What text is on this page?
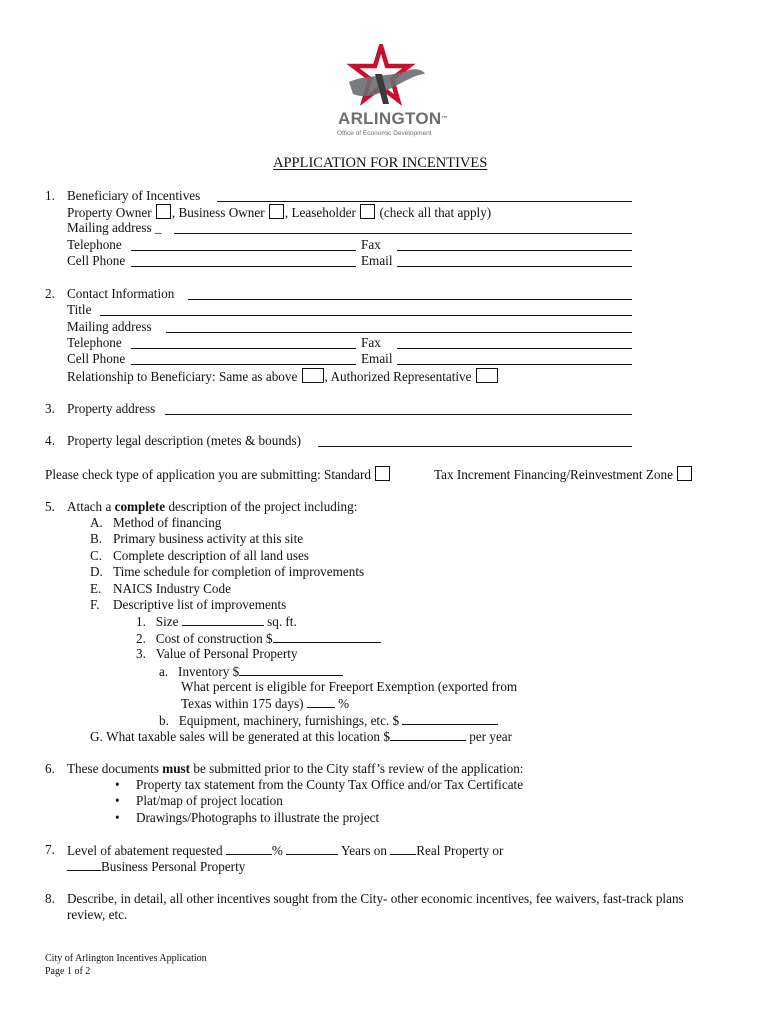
ARLINGTON™
Office of Economic Development
APPLICATION FOR INCENTIVES
1. Beneficiary of Incentives
Property Owner , Business Owner , Leaseholder  (check all that apply)
Mailing address _
Telephone	Fax
Cell Phone	Email
2. Contact Information
Title
Mailing address
Telephone	Fax
Cell Phone	Email
Relationship to Beneficiary: Same as above , Authorized Representative
3. Property address
4. Property legal description (metes & bounds)
Please check type of application you are submitting: Standard	Tax Increment Financing/Reinvestment Zone
5. Attach a complete description of the project including:
A. Method of financing
B. Primary business activity at this site
C. Complete description of all land uses
D. Time schedule for completion of improvements
E. NAICS Industry Code
F. Descriptive list of improvements
1. Size	sq. ft.
2. Cost of construction $
3. Value of Personal Property
a. Inventory $
What percent is eligible for Freeport Exemption (exported from
Texas within 175 days)	%
b. Equipment, machinery, furnishings, etc. $
G. What taxable sales will be generated at this location $	per year
6. These documents must be submitted prior to the City staff’s review of the application:
• Property tax statement from the County Tax Office and/or Tax Certificate
• Plat/map of project location
• Drawings/Photographs to illustrate the project
7. Level of abatement requested	%	Years on Real Property or
Business Personal Property
8. Describe, in detail, all other incentives sought from the City- other economic incentives, fee waivers, fast-track plans
review, etc.
City of Arlington Incentives Application
Page 1 of 2
